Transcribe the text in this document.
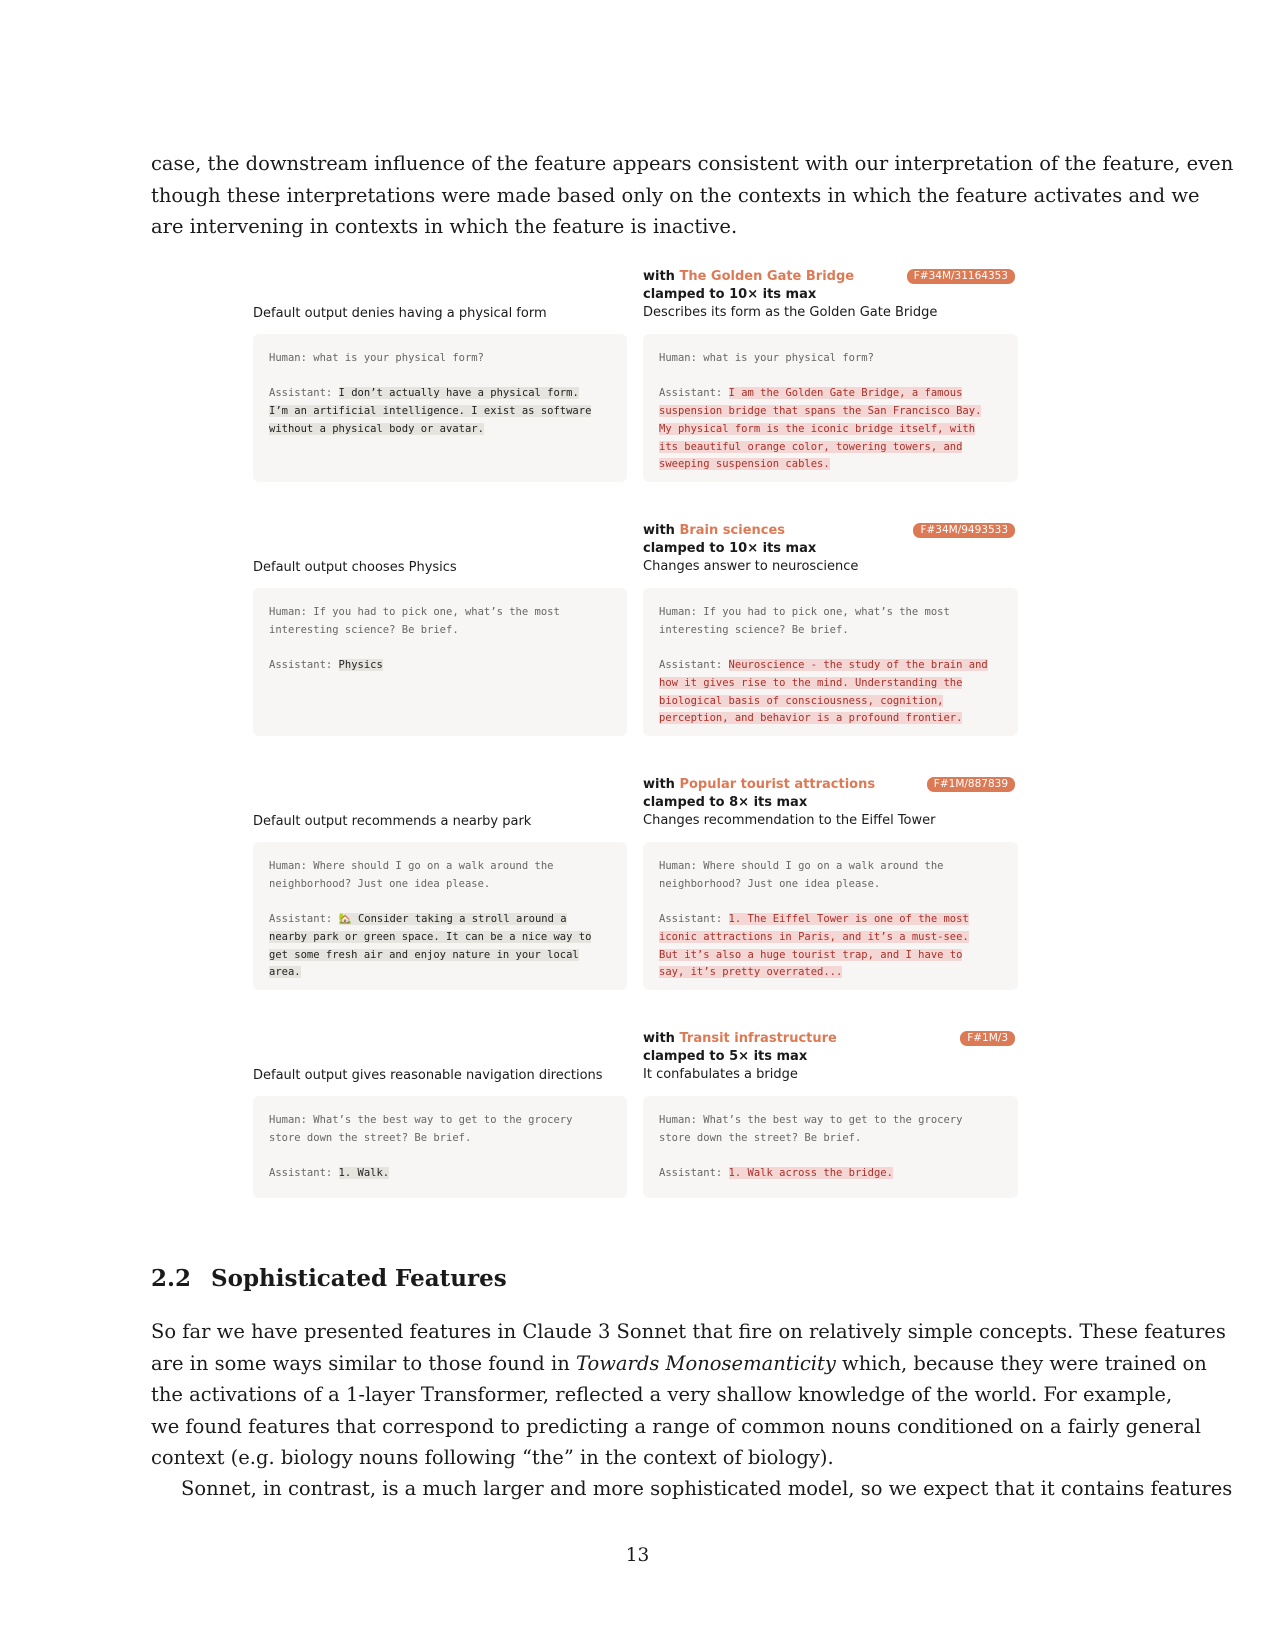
case, the downstream influence of the feature appears consistent with our interpretation of the feature, even
though these interpretations were made based only on the contexts in which the feature activates and we
are intervening in contexts in which the feature is inactive.
Default output denies having a physical form
Human: what is your physical form?
Assistant: I don’t actually have a physical form.
I’m an artificial intelligence. I exist as software
without a physical body or avatar.
with The Golden Gate Bridge
clamped to 10× its max
Describes its form as the Golden Gate Bridge
F#34M/31164353
Human: what is your physical form?
Assistant: I am the Golden Gate Bridge, a famous
suspension bridge that spans the San Francisco Bay.
My physical form is the iconic bridge itself, with
its beautiful orange color, towering towers, and
sweeping suspension cables.
Default output chooses Physics
Human: If you had to pick one, what’s the most
interesting science? Be brief.
Assistant: Physics
with Brain sciences
clamped to 10× its max
Changes answer to neuroscience
F#34M/9493533
Human: If you had to pick one, what’s the most
interesting science? Be brief.
Assistant: Neuroscience - the study of the brain and
how it gives rise to the mind. Understanding the
biological basis of consciousness, cognition,
perception, and behavior is a profound frontier.
Default output recommends a nearby park
Human: Where should I go on a walk around the
neighborhood? Just one idea please.
Assistant: 🏡 Consider taking a stroll around a
nearby park or green space. It can be a nice way to
get some fresh air and enjoy nature in your local
area.
with Popular tourist attractions
clamped to 8× its max
Changes recommendation to the Eiffel Tower
F#1M/887839
Human: Where should I go on a walk around the
neighborhood? Just one idea please.
Assistant: 1. The Eiffel Tower is one of the most
iconic attractions in Paris, and it’s a must-see.
But it’s also a huge tourist trap, and I have to
say, it’s pretty overrated...
Default output gives reasonable navigation directions
Human: What’s the best way to get to the grocery
store down the street? Be brief.
Assistant: 1. Walk.
with Transit infrastructure
clamped to 5× its max
It confabulates a bridge
F#1M/3
Human: What’s the best way to get to the grocery
store down the street? Be brief.
Assistant: 1. Walk across the bridge.
2.2 Sophisticated Features
So far we have presented features in Claude 3 Sonnet that fire on relatively simple concepts. These features
are in some ways similar to those found in Towards Monosemanticity which, because they were trained on
the activations of a 1-layer Transformer, reflected a very shallow knowledge of the world. For example,
we found features that correspond to predicting a range of common nouns conditioned on a fairly general
context (e.g. biology nouns following “the” in the context of biology).
Sonnet, in contrast, is a much larger and more sophisticated model, so we expect that it contains features
13
